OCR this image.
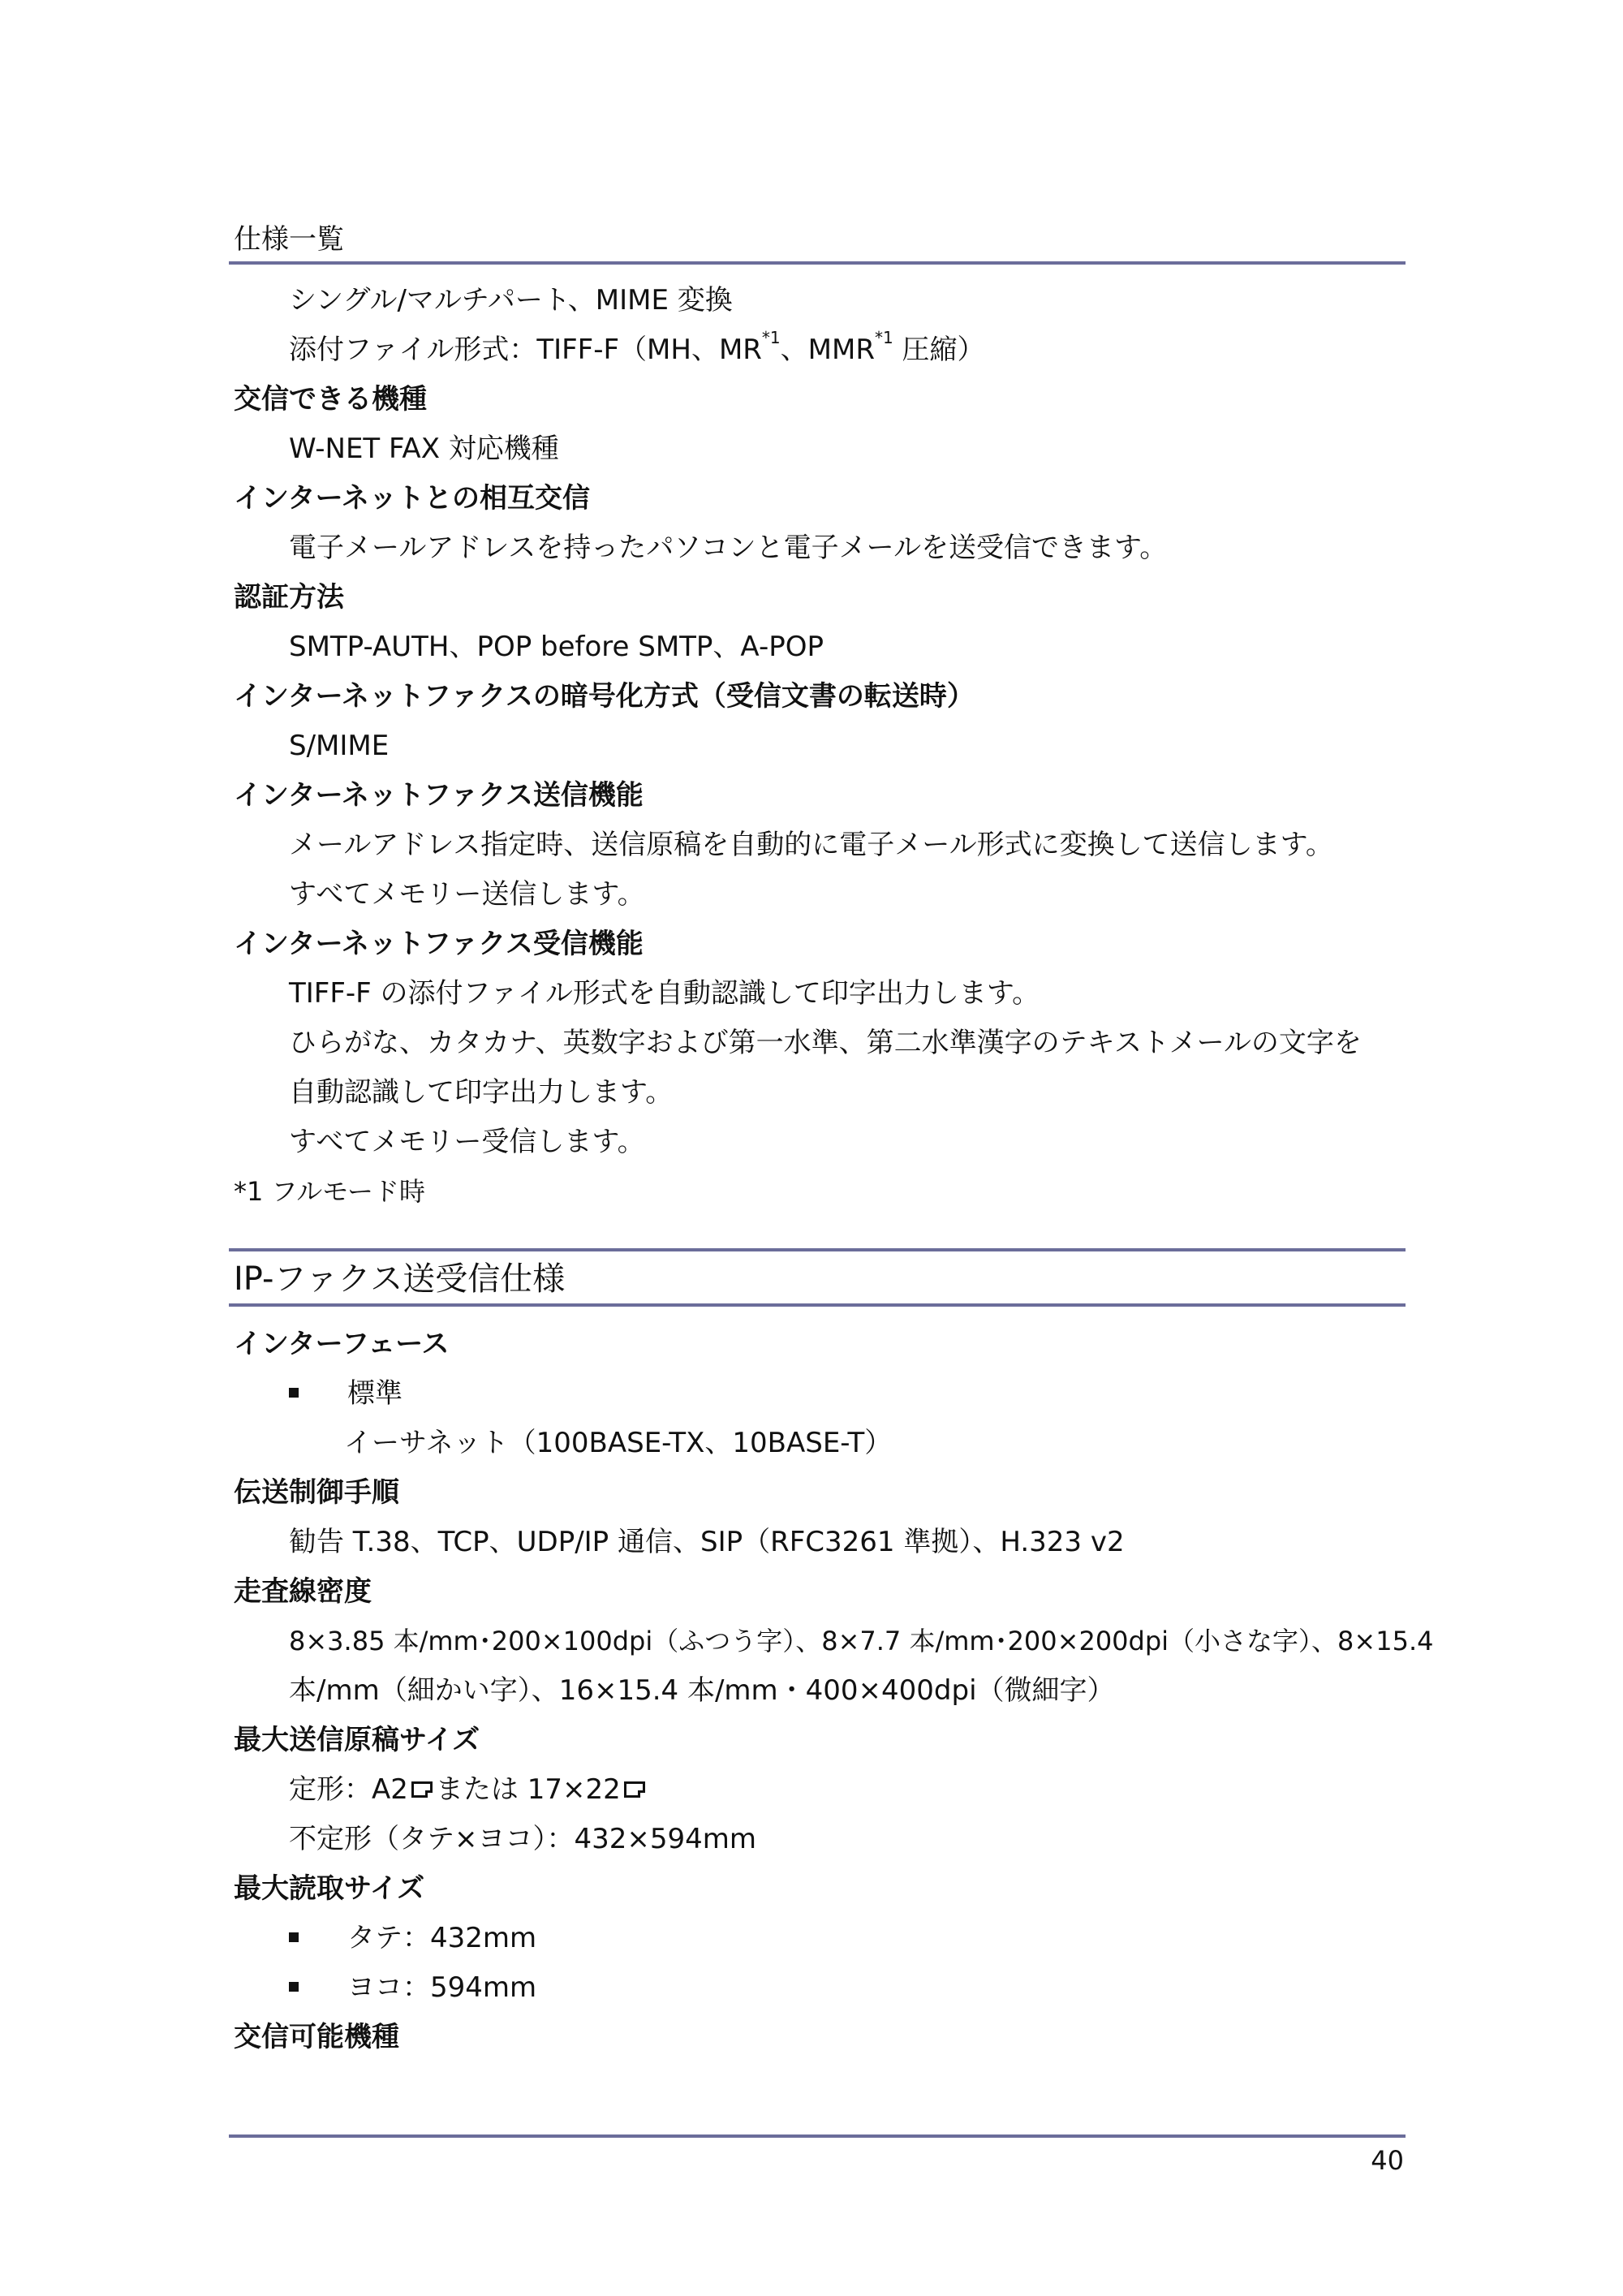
仕様一覧
シングル/マルチパート、MIME 変換
添付ファイル形式：TIFF-F（MH、MR$^{*1}$、MMR$^{*1}$ 圧縮）
交信できる機種
W-NET FAX 対応機種
インターネットとの相互交信
電子メールアドレスを持ったパソコンと電子メールを送受信できます。
認証方法
SMTP-AUTH、POP before SMTP、A-POP
インターネットファクスの暗号化方式（受信文書の転送時）
S/MIME
インターネットファクス送信機能
メールアドレス指定時、送信原稿を自動的に電子メール形式に変換して送信します。
すべてメモリー送信します。
インターネットファクス受信機能
TIFF-F の添付ファイル形式を自動認識して印字出力します。
ひらがな、カタカナ、英数字および第一水準、第二水準漢字のテキストメールの文字を
自動認識して印字出力します。
すべてメモリー受信します。
*1 フルモード時
IP-ファクス送受信仕様
インターフェース
標準
イーサネット（100BASE-TX、10BASE-T）
伝送制御手順
勧告 T.38、TCP、UDP/IP 通信、SIP（RFC3261 準拠）、H.323 v2
走査線密度
8×3.85 本/mm･200×100dpi（ふつう字）、8×7.7 本/mm･200×200dpi（小さな字）、8×15.4
本/mm（細かい字）、16×15.4 本/mm・400×400dpi（微細字）
最大送信原稿サイズ
定形：A2 または 17×22
不定形（タテ×ヨコ）：432×594mm
最大読取サイズ
タテ：432mm
ヨコ：594mm
交信可能機種
40
